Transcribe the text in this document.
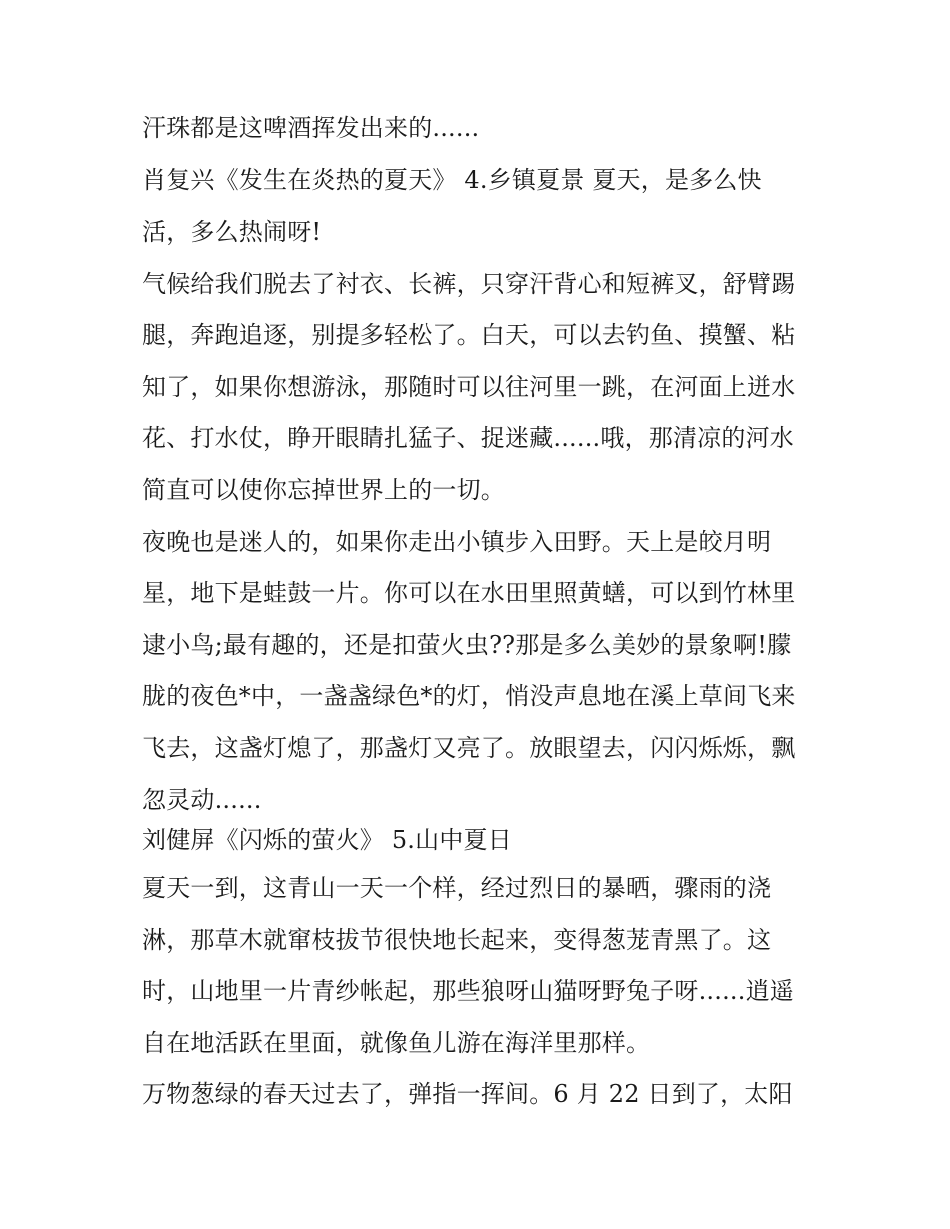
汗珠都是这啤酒挥发出来的......
肖复兴《发生在炎热的夏天》 4.乡镇夏景 夏天，是多么快
活，多么热闹呀!
气候给我们脱去了衬衣、长裤，只穿汗背心和短裤叉，舒臂踢
腿，奔跑追逐，别提多轻松了。白天，可以去钓鱼、摸蟹、粘
知了，如果你想游泳，那随时可以往河里一跳，在河面上迸水
花、打水仗，睁开眼睛扎猛子、捉迷藏......哦，那清凉的河水
简直可以使你忘掉世界上的一切。
夜晚也是迷人的，如果你走出小镇步入田野。天上是皎月明
星，地下是蛙鼓一片。你可以在水田里照黄蟮，可以到竹林里
逮小鸟;最有趣的，还是扣萤火虫??那是多么美妙的景象啊!朦
胧的夜色*中，一盏盏绿色*的灯，悄没声息地在溪上草间飞来
飞去，这盏灯熄了，那盏灯又亮了。放眼望去，闪闪烁烁，飘
忽灵动......
刘健屏《闪烁的萤火》 5.山中夏日
夏天一到，这青山一天一个样，经过烈日的暴晒，骤雨的浇
淋，那草木就窜枝拔节很快地长起来，变得葱茏青黑了。这
时，山地里一片青纱帐起，那些狼呀山猫呀野兔子呀......逍遥
自在地活跃在里面，就像鱼儿游在海洋里那样。
万物葱绿的春天过去了，弹指一挥间。6 月 22 日到了，太阳
